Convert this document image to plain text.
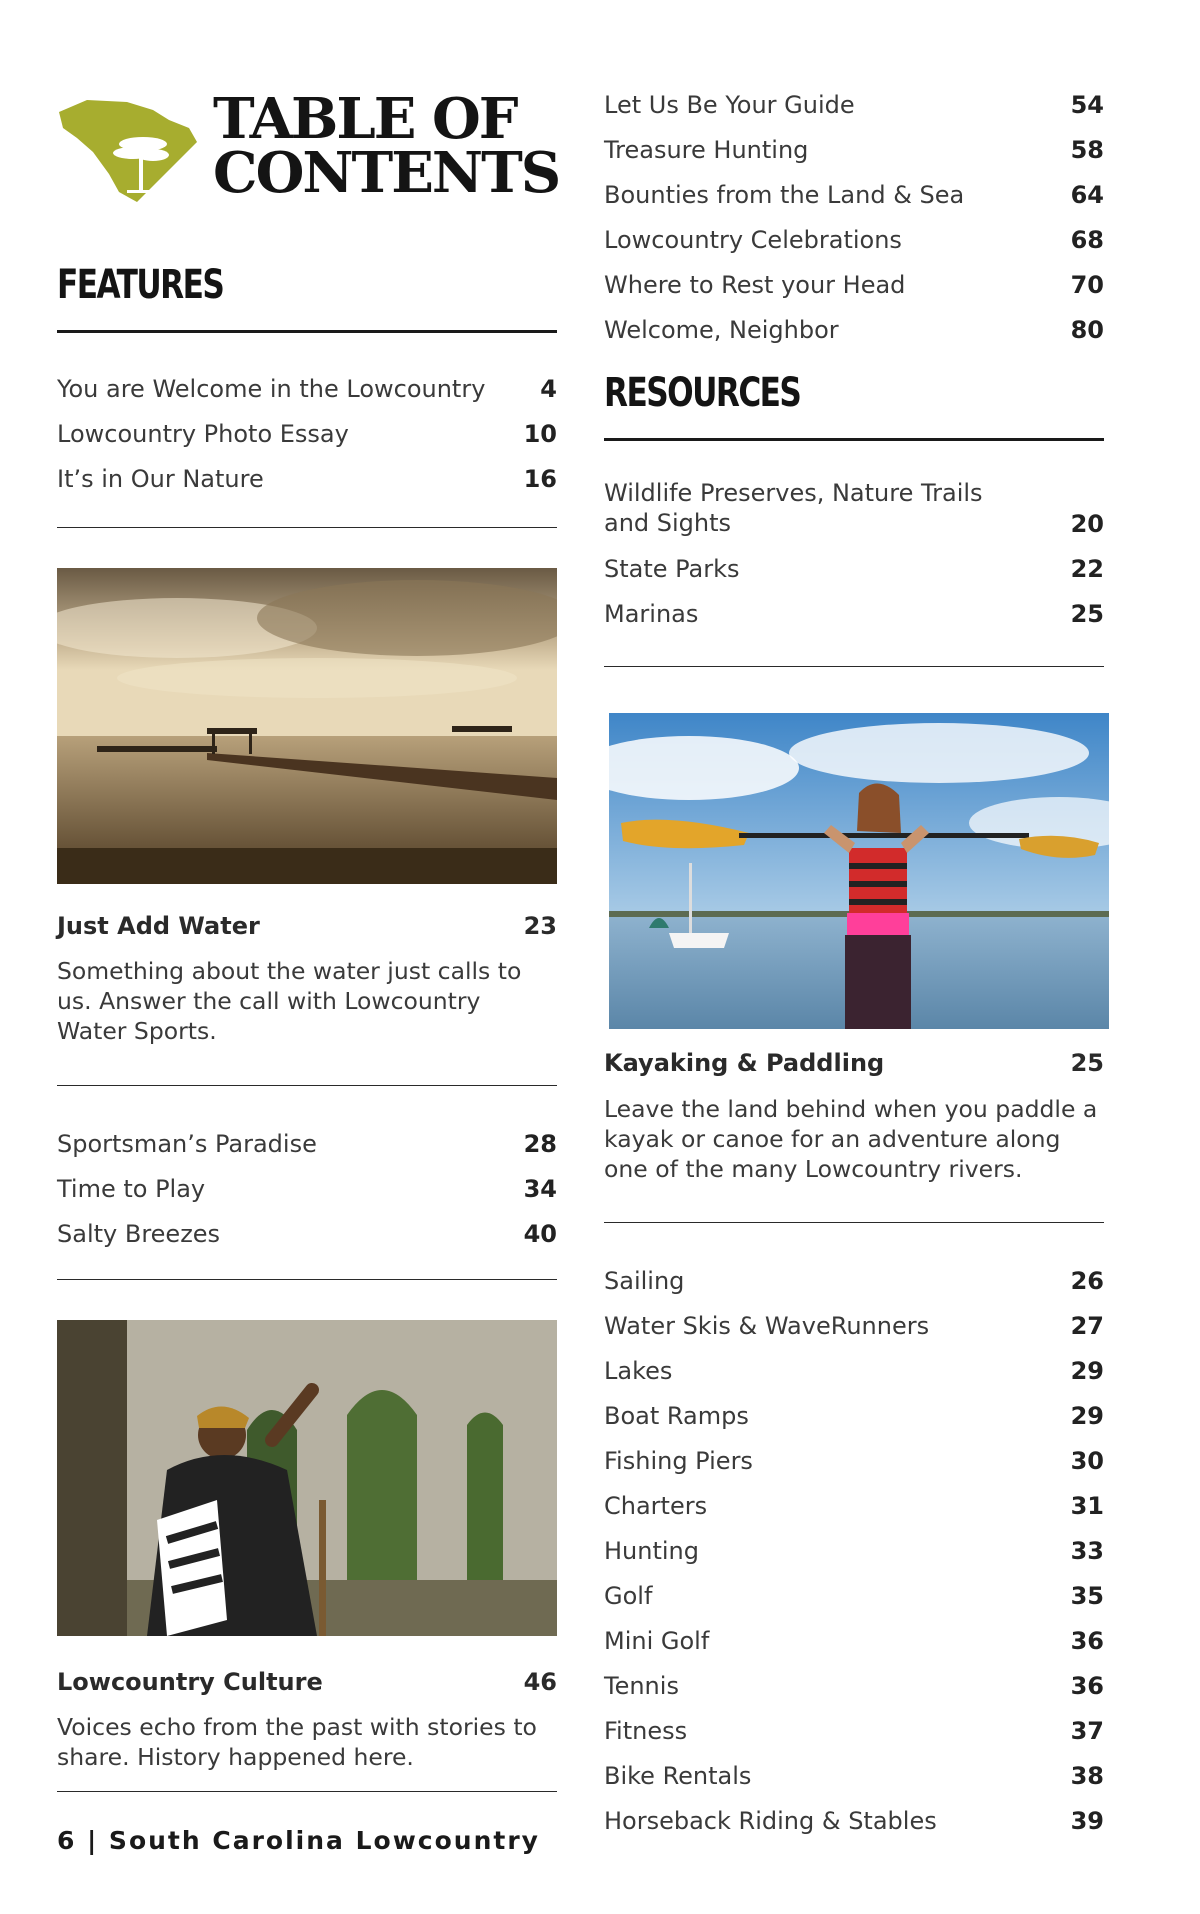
TABLE OF
CONTENTS
FEATURES
You are Welcome in the Lowcountry 4
Lowcountry Photo Essay	10
It’s in Our Nature	16
Just Add Water	23

Something about the water just calls to us. Answer the call with Lowcountry Water Sports.

Sportsman’s Paradise	28
Time to Play	34
Salty Breezes	40
Lowcountry Culture	46

Voices echo from the past with stories to share. History happened here.

Let Us Be Your Guide	54
Treasure Hunting	58
Bounties from the Land & Sea	64
Lowcountry Celebrations	68
Where to Rest your Head	70
Welcome, Neighbor	80
RESOURCES
Wildlife Preserves, Nature Trails and Sights	20
State Parks	22
Marinas	25
Kayaking & Paddling	25

Leave the land behind when you paddle a kayak or canoe for an adventure along one of the many Lowcountry rivers.

Sailing	26
Water Skis & WaveRunners	27
Lakes	29
Boat Ramps	29
Fishing Piers	30
Charters	31
Hunting	33
Golf	35
Mini Golf	36
Tennis	36
Fitness	37
Bike Rentals	38
Horseback Riding & Stables	39
6 | South Carolina Lowcountry
